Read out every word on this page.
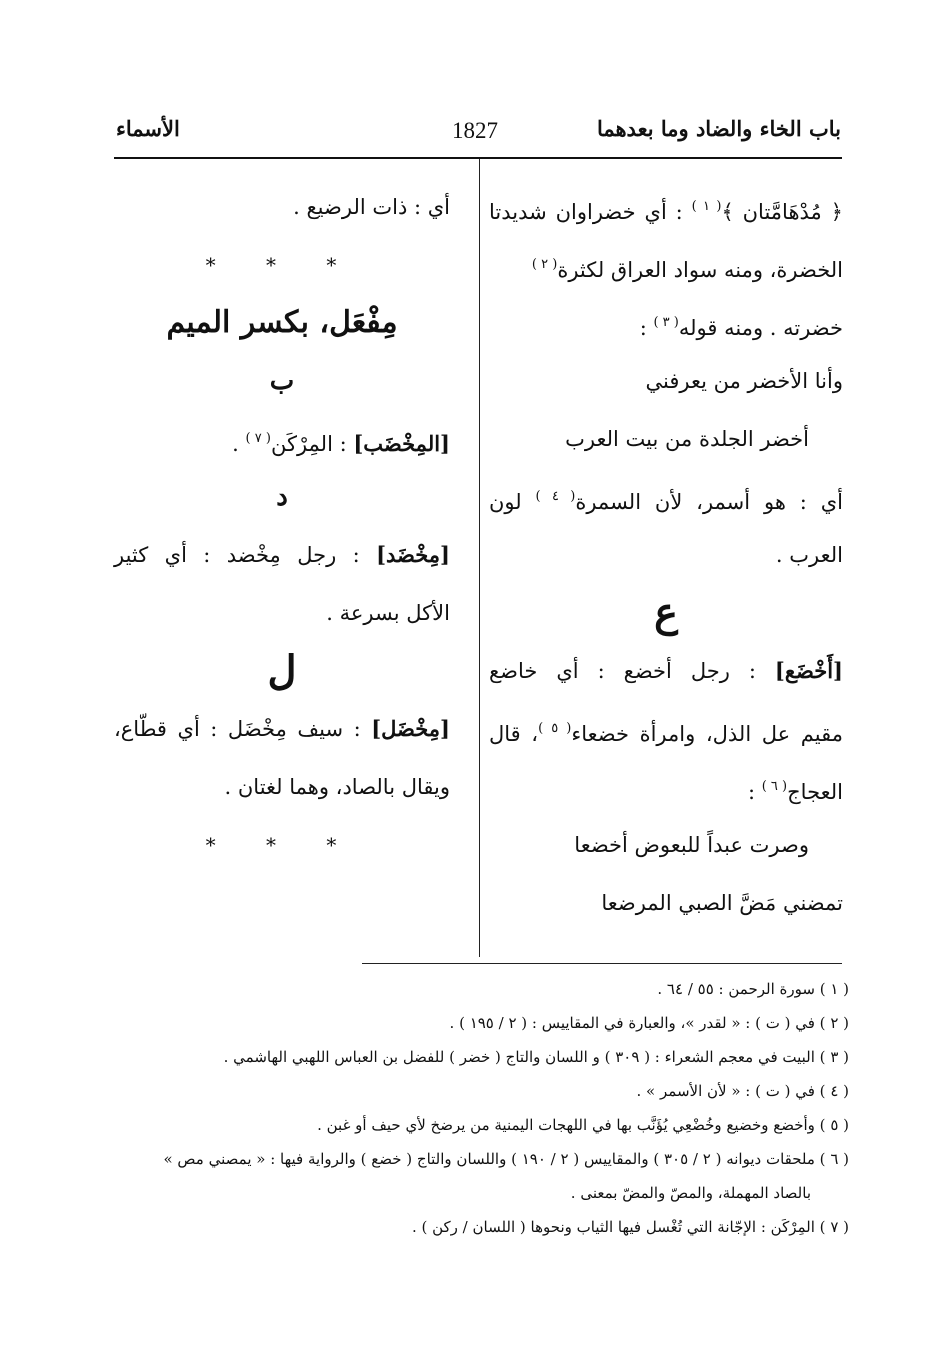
باب الخاء والضاد وما بعدهما
1827
الأسماء
﴿ مُدْهَامَّتان ﴾$^{( ١ )}$ : أي خضراوان شديدتا
الخضرة، ومنه سواد العراق لكثرة$^{( ٢ )}$
خضرته . ومنه قوله$^{( ٣ )}$ :
وأنا الأخضر من يعرفني
أخضر الجلدة من بيت العرب
أي : هو أسمر، لأن السمرة$^{( ٤ )}$ لون
العرب .
ع
[أَخْضَع] : رجل أخضع : أي خاضع
مقيم عل الذل، وامرأة خضعاء$^{( ٥ )}$، قال
العجاج$^{( ٦ )}$ :
وصرت عبداً للبعوض أخضعا
تمضني مَضَّ الصبي المرضعا
أي : ذات الرضيع .
* * *
مِفْعَل، بكسر الميم
ب
[المِخْضَب] : المِرْكَن$^{( ٧ )}$ .
د
[مِخْضَد] : رجل مِخْضد : أي كثير
الأكل بسرعة .
ل
[مِخْضَل] : سيف مِخْضَل : أي قطّاع،
ويقال بالصاد، وهما لغتان .
* * *
( ١ ) سورة الرحمن : ٥٥ / ٦٤ .
( ٢ ) في ( ت ) : « لقدر »، والعبارة في المقاييس : ( ٢ / ١٩٥ ) .
( ٣ ) البيت في معجم الشعراء : ( ٣٠٩ ) و اللسان والتاج ( خضر ) للفضل بن العباس اللهبي الهاشمي .
( ٤ ) في ( ت ) : « لأن الأسمر » .
( ٥ ) وأخضع وخضيع وخُضْعِي يُؤَنَّب بها في اللهجات اليمنية من يرضخ لأي حيف أو غبن .
( ٦ ) ملحقات ديوانه ( ٢ / ٣٠٥ ) والمقاييس ( ٢ / ١٩٠ ) واللسان والتاج ( خضع ) والرواية فيها : « يمصني مص »
بالصاد المهملة، والمصّ والمضّ بمعنى .
( ٧ ) المِرْكَن : الإجّانة التي تُغْسل فيها الثياب ونحوها ( اللسان / ركن ) .
